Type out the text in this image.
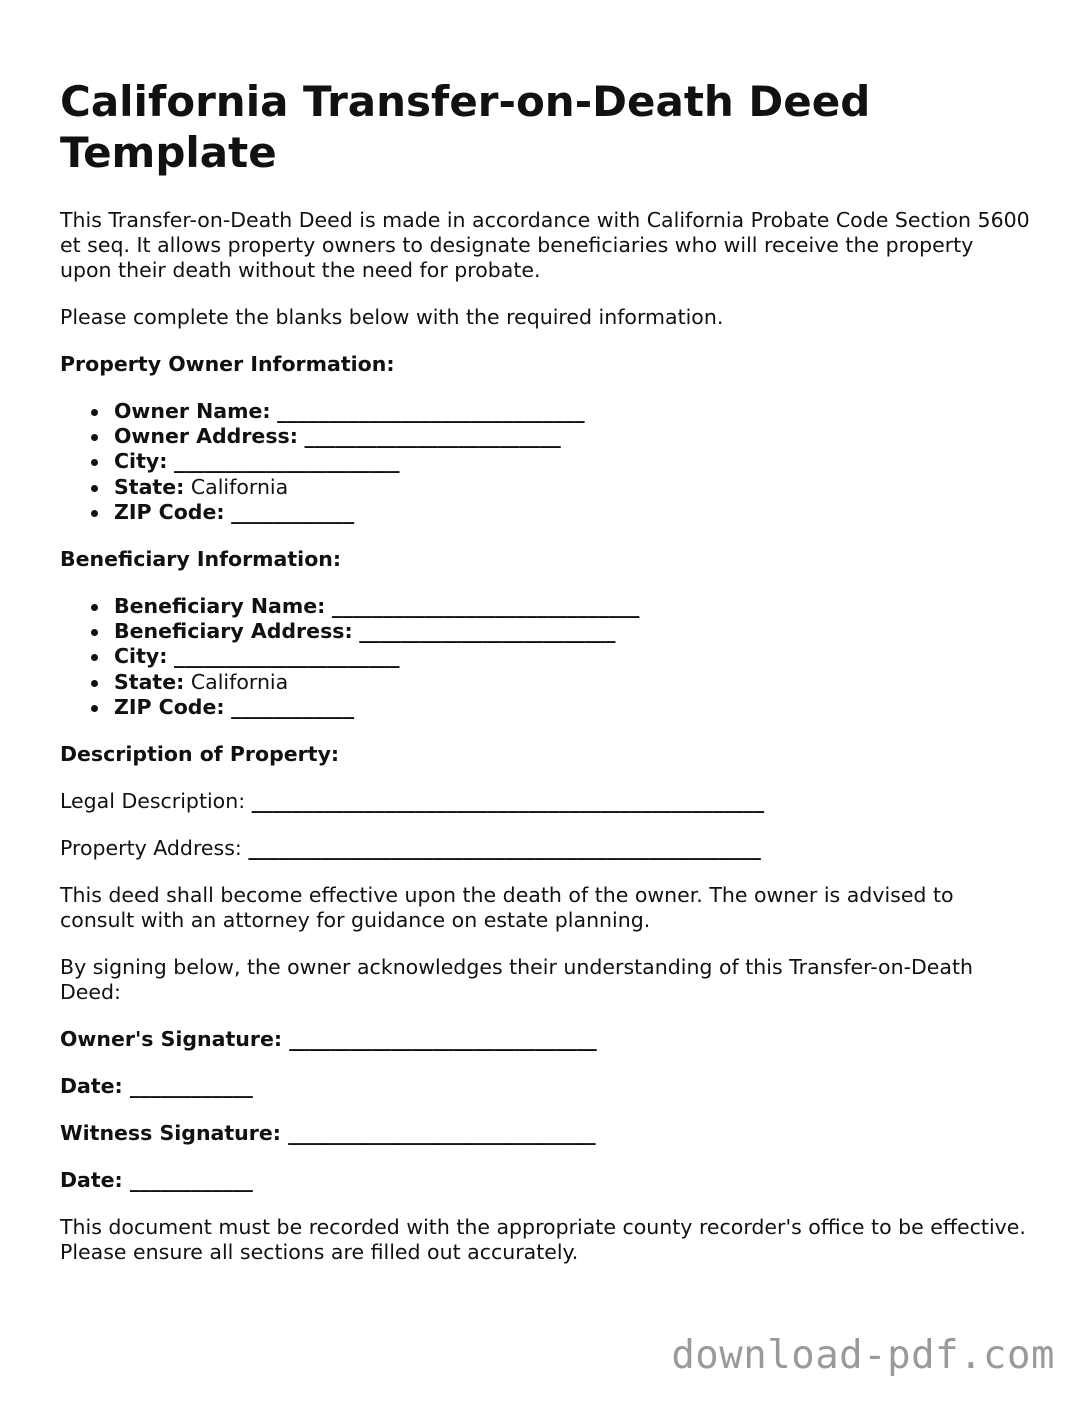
California Transfer-on-Death Deed Template

This Transfer-on-Death Deed is made in accordance with California Probate Code Section 5600 et seq. It allows property owners to designate beneficiaries who will receive the property upon their death without the need for probate.

Please complete the blanks below with the required information.

Property Owner Information:

Owner Name: ______________________________
Owner Address: _________________________
City: ______________________
State: California
ZIP Code: ____________

Beneficiary Information:

Beneficiary Name: ______________________________
Beneficiary Address: _________________________
City: ______________________
State: California
ZIP Code: ____________

Description of Property:

Legal Description: __________________________________________________

Property Address: __________________________________________________

This deed shall become effective upon the death of the owner. The owner is advised to consult with an attorney for guidance on estate planning.

By signing below, the owner acknowledges their understanding of this Transfer-on-Death Deed:

Owner's Signature: ______________________________

Date: ____________

Witness Signature: ______________________________

Date: ____________

This document must be recorded with the appropriate county recorder's office to be effective. Please ensure all sections are filled out accurately.

download-pdf.com
